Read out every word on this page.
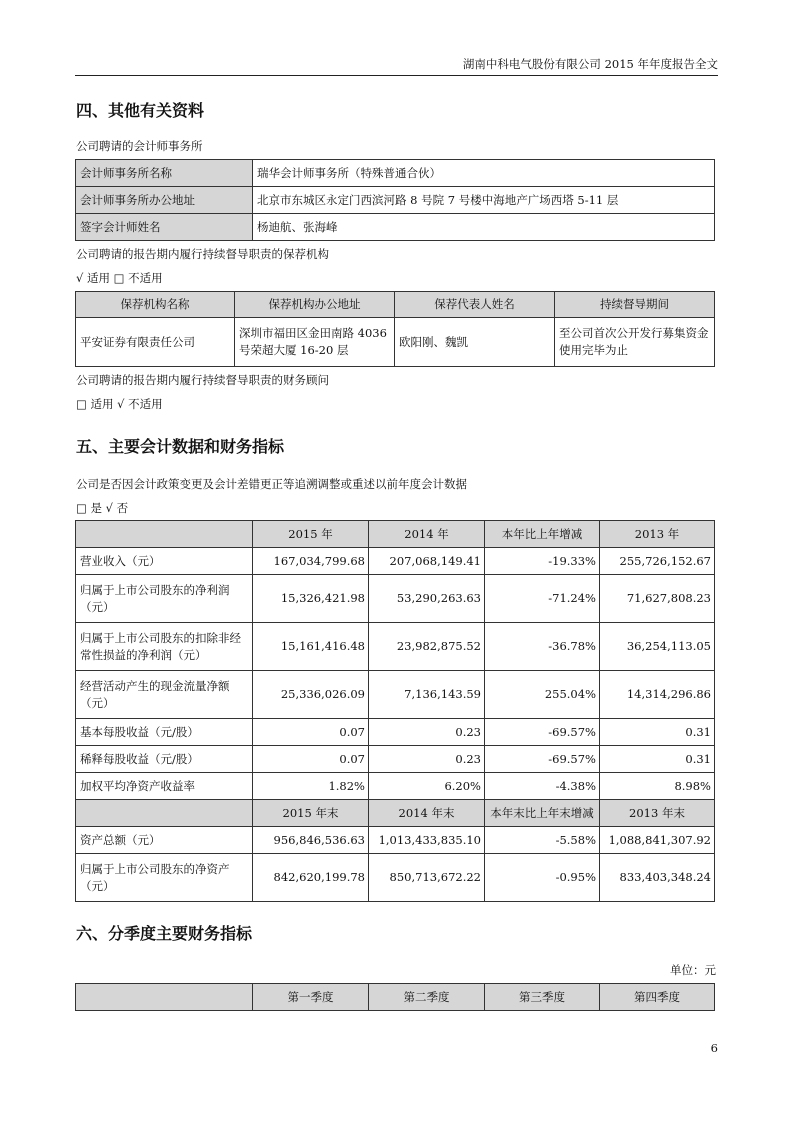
湖南中科电气股份有限公司 2015 年年度报告全文
四、其他有关资料
公司聘请的会计师事务所
会计师事务所名称	瑞华会计师事务所（特殊普通合伙）
会计师事务所办公地址	北京市东城区永定门西滨河路 8 号院 7 号楼中海地产广场西塔 5-11 层
签字会计师姓名	杨迪航、张海峰
公司聘请的报告期内履行持续督导职责的保荐机构
√ 适用 □ 不适用
保荐机构名称	保荐机构办公地址	保荐代表人姓名	持续督导期间
平安证券有限责任公司	深圳市福田区金田南路 4036 号荣超大厦 16-20 层	欧阳刚、魏凯	至公司首次公开发行募集资金使用完毕为止
公司聘请的报告期内履行持续督导职责的财务顾问
□ 适用 √ 不适用
五、主要会计数据和财务指标
公司是否因会计政策变更及会计差错更正等追溯调整或重述以前年度会计数据
□ 是 √ 否
	2015 年	2014 年	本年比上年增减	2013 年
营业收入（元）	167,034,799.68	207,068,149.41	-19.33%	255,726,152.67
归属于上市公司股东的净利润（元）	15,326,421.98	53,290,263.63	-71.24%	71,627,808.23
归属于上市公司股东的扣除非经常性损益的净利润（元）	15,161,416.48	23,982,875.52	-36.78%	36,254,113.05
经营活动产生的现金流量净额（元）	25,336,026.09	7,136,143.59	255.04%	14,314,296.86
基本每股收益（元/股）	0.07	0.23	-69.57%	0.31
稀释每股收益（元/股）	0.07	0.23	-69.57%	0.31
加权平均净资产收益率	1.82%	6.20%	-4.38%	8.98%
	2015 年末	2014 年末	本年末比上年末增减	2013 年末
资产总额（元）	956,846,536.63	1,013,433,835.10	-5.58%	1,088,841,307.92
归属于上市公司股东的净资产（元）	842,620,199.78	850,713,672.22	-0.95%	833,403,348.24
六、分季度主要财务指标
单位：元
	第一季度	第二季度	第三季度	第四季度
6
